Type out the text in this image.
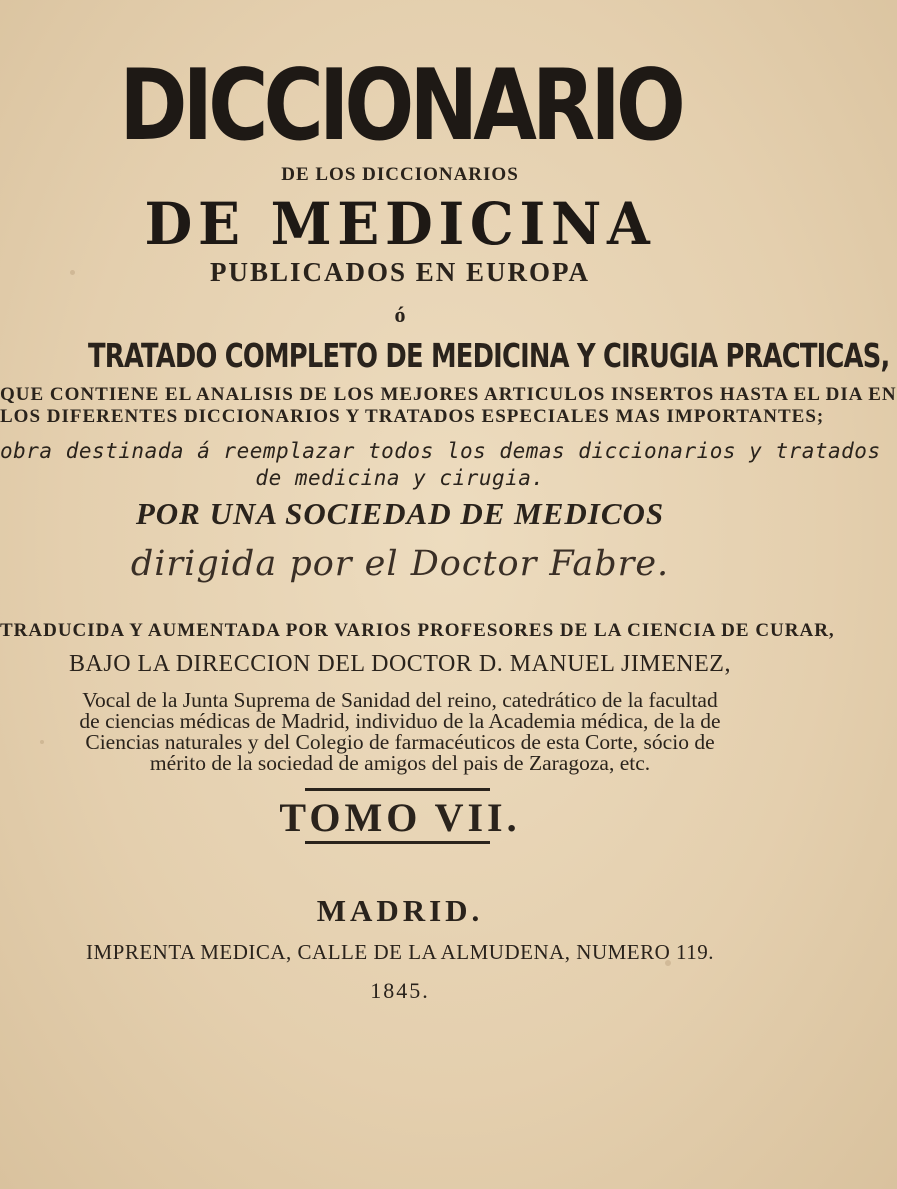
DICCIONARIO
DE LOS DICCIONARIOS
DE MEDICINA
PUBLICADOS EN EUROPA
ó
TRATADO COMPLETO DE MEDICINA Y CIRUGIA PRACTICAS,
QUE CONTIENE EL ANALISIS DE LOS MEJORES ARTICULOS INSERTOS HASTA EL DIA EN
LOS DIFERENTES DICCIONARIOS Y TRATADOS ESPECIALES MAS IMPORTANTES;
obra destinada á reemplazar todos los demas diccionarios y tratados
de medicina y cirugia.
POR UNA SOCIEDAD DE MEDICOS
dirigida por el Doctor Fabre.
TRADUCIDA Y AUMENTADA POR VARIOS PROFESORES DE LA CIENCIA DE CURAR,
BAJO LA DIRECCION DEL DOCTOR D. MANUEL JIMENEZ,
Vocal de la Junta Suprema de Sanidad del reino, catedrático de la facultad
de ciencias médicas de Madrid, individuo de la Academia médica, de la de
Ciencias naturales y del Colegio de farmacéuticos de esta Corte, sócio de
mérito de la sociedad de amigos del pais de Zaragoza, etc.
TOMO VII.
MADRID.
IMPRENTA MEDICA, CALLE DE LA ALMUDENA, NUMERO 119.
1845.
